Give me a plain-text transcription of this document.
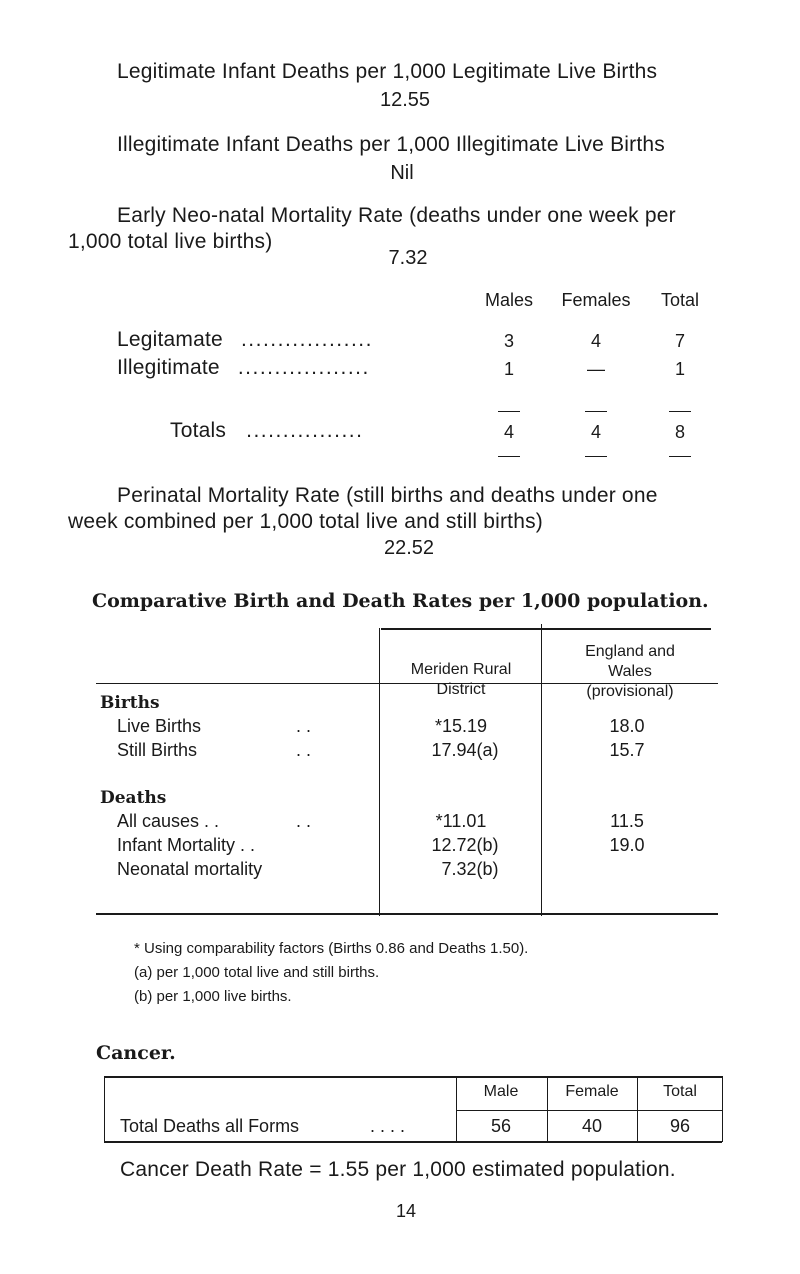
Legitimate Infant Deaths per 1,000 Legitimate Live Births
12.55
Illegitimate Infant Deaths per 1,000 Illegitimate Live Births
Nil
Early Neo-natal Mortality Rate (deaths under one week per
1,000 total live births)
7.32
Males Females Total
Legitamate ..................	3	4	7
Illegitimate ..................	1	—	1
Totals ................	4	4	8
Perinatal Mortality Rate (still births and deaths under one
week combined per 1,000 total live and still births)
22.52
Comparative Birth and Death Rates per 1,000 population.
Meriden Rural
District
England and
Wales
(provisional)
Births
Live Births	. .	*15.19	18.0
Still Births	. .	17.94(a)	15.7
Deaths
All causes . .	. .	*11.01	11.5
Infant Mortality . .	12.72(b)	19.0
Neonatal mortality	7.32(b)
* Using comparability factors (Births 0.86 and Deaths 1.50).
(a) per 1,000 total live and still births.
(b) per 1,000 live births.
Cancer.
Male	Female	Total
Total Deaths all Forms	. . . .	56	40	96
Cancer Death Rate = 1.55 per 1,000 estimated population.
14
